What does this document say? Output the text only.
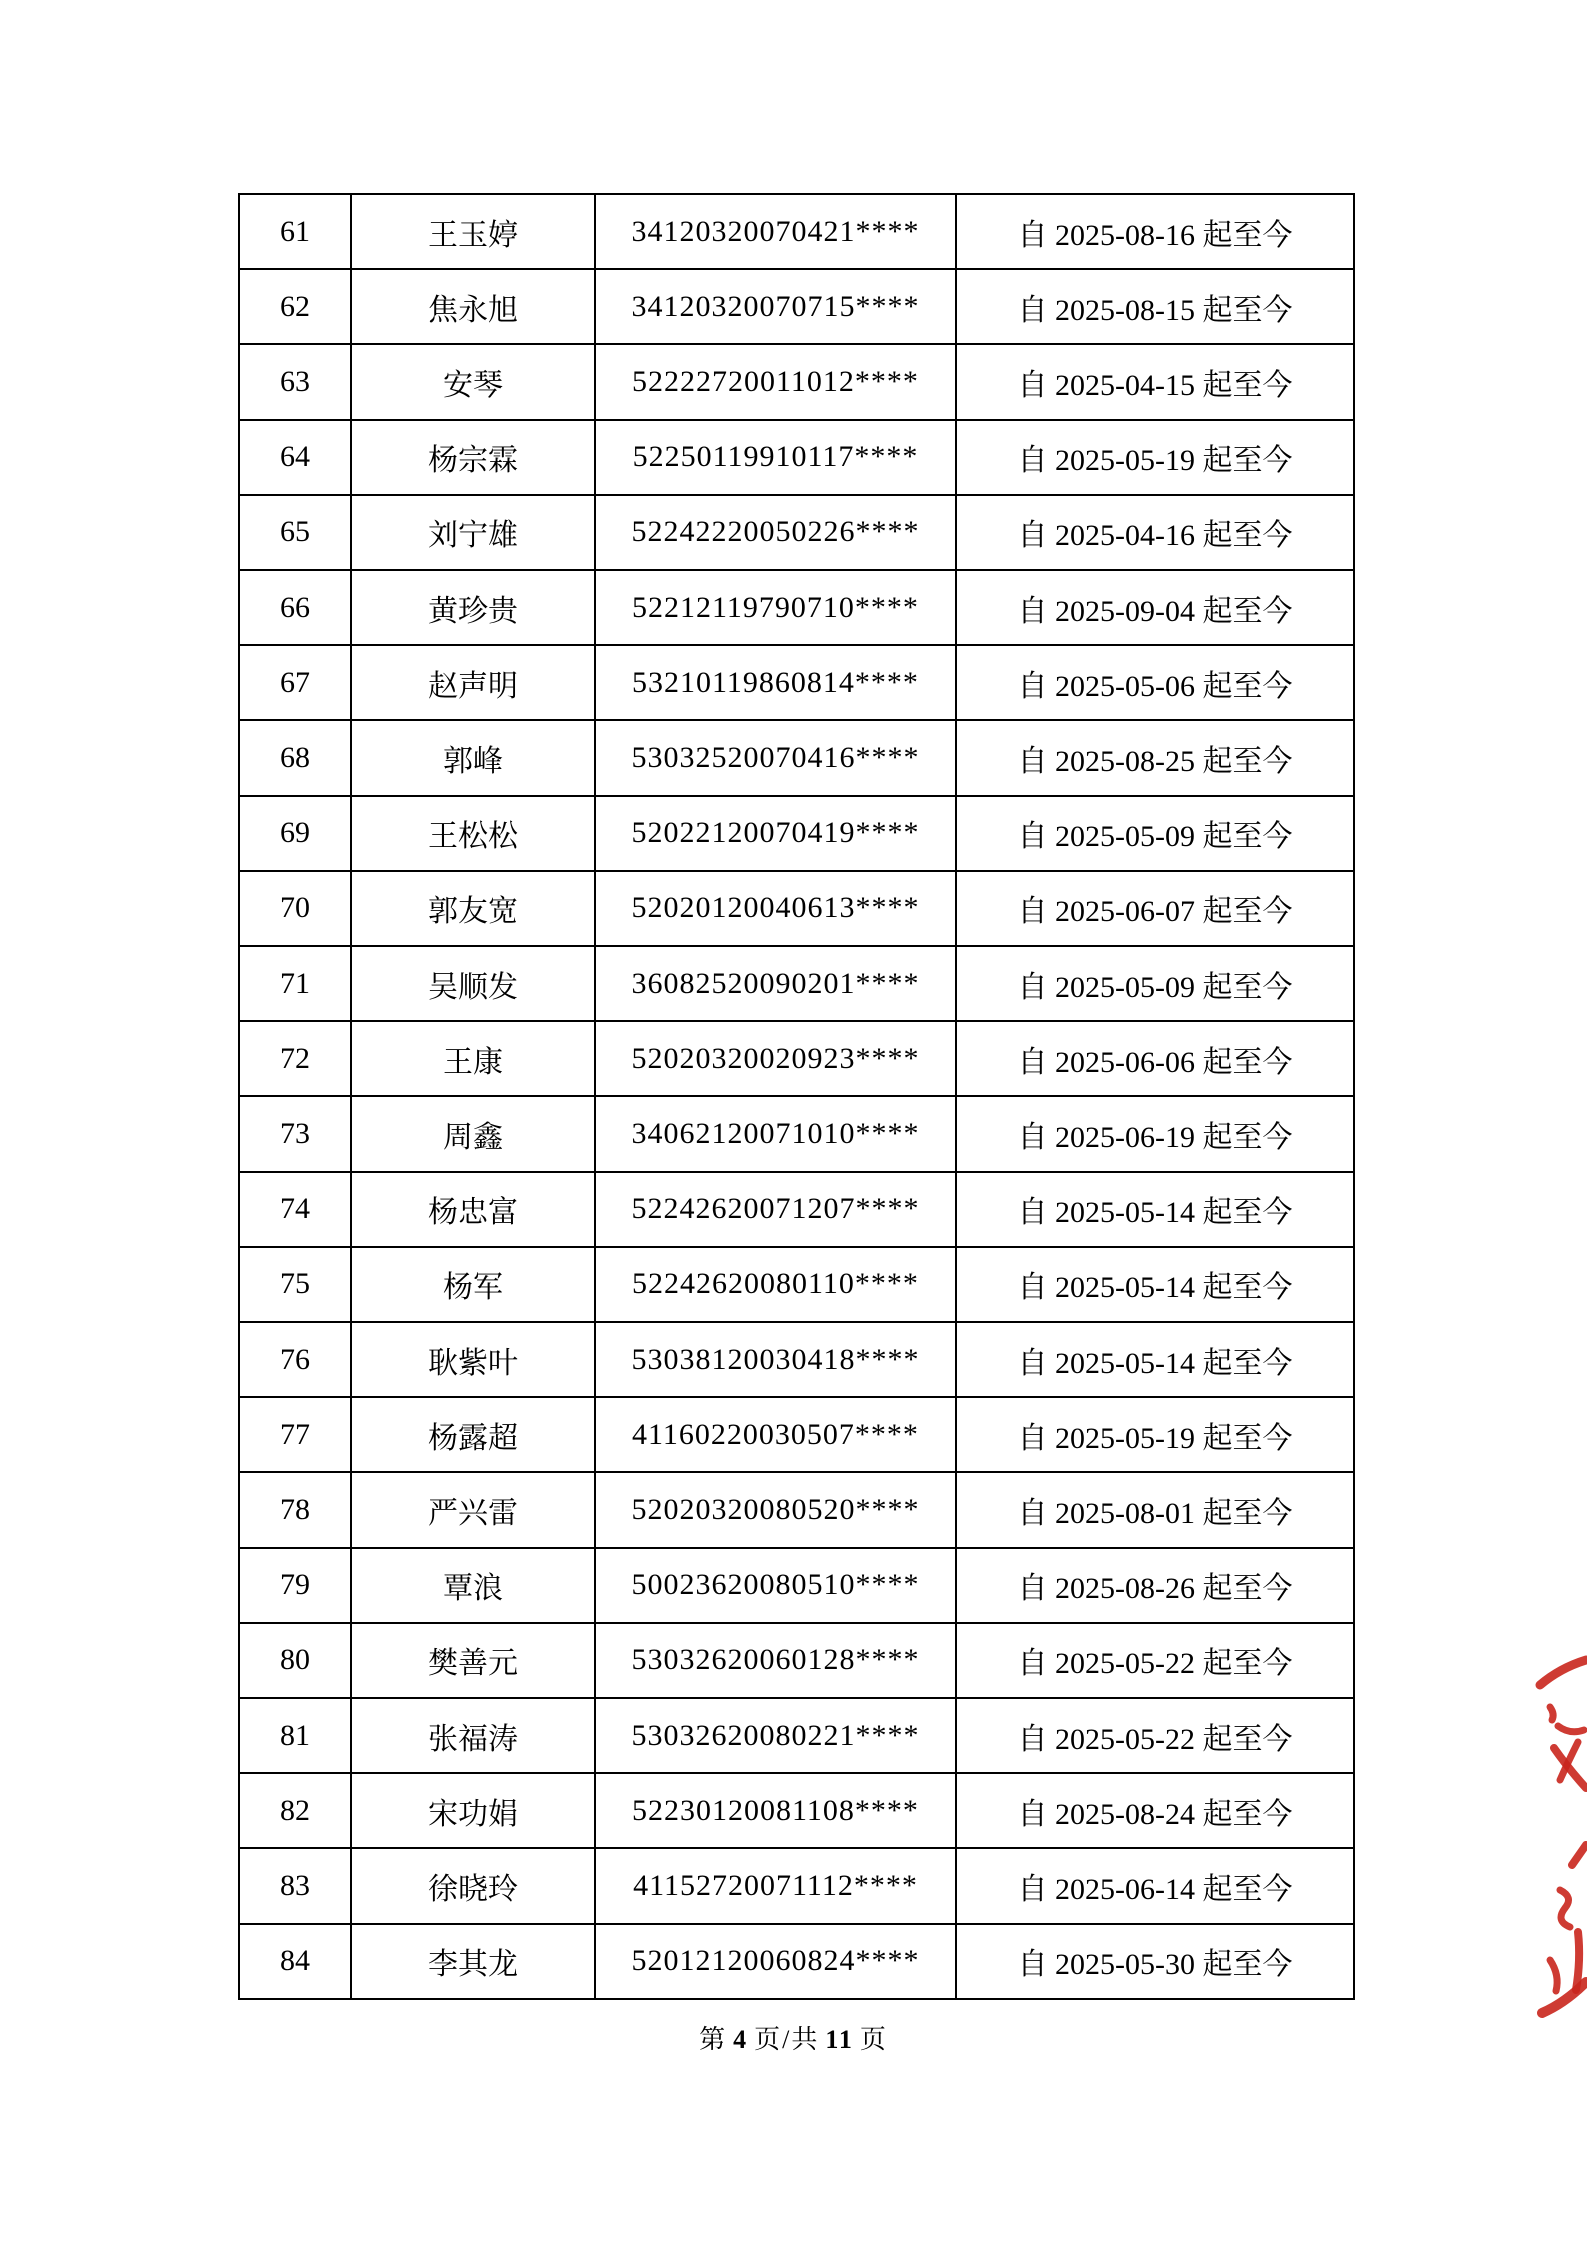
61	王玉婷	34120320070421****	自 2025-08-16 起至今
62	焦永旭	34120320070715****	自 2025-08-15 起至今
63	安琴	52222720011012****	自 2025-04-15 起至今
64	杨宗霖	52250119910117****	自 2025-05-19 起至今
65	刘宁雄	52242220050226****	自 2025-04-16 起至今
66	黄珍贵	52212119790710****	自 2025-09-04 起至今
67	赵声明	53210119860814****	自 2025-05-06 起至今
68	郭峰	53032520070416****	自 2025-08-25 起至今
69	王松松	52022120070419****	自 2025-05-09 起至今
70	郭友宽	52020120040613****	自 2025-06-07 起至今
71	吴顺发	36082520090201****	自 2025-05-09 起至今
72	王康	52020320020923****	自 2025-06-06 起至今
73	周鑫	34062120071010****	自 2025-06-19 起至今
74	杨忠富	52242620071207****	自 2025-05-14 起至今
75	杨军	52242620080110****	自 2025-05-14 起至今
76	耿紫叶	53038120030418****	自 2025-05-14 起至今
77	杨露超	41160220030507****	自 2025-05-19 起至今
78	严兴雷	52020320080520****	自 2025-08-01 起至今
79	覃浪	50023620080510****	自 2025-08-26 起至今
80	樊善元	53032620060128****	自 2025-05-22 起至今
81	张福涛	53032620080221****	自 2025-05-22 起至今
82	宋功娟	52230120081108****	自 2025-08-24 起至今
83	徐晓玲	41152720071112****	自 2025-06-14 起至今
84	李其龙	52012120060824****	自 2025-05-30 起至今
第 4 页/共 11 页
